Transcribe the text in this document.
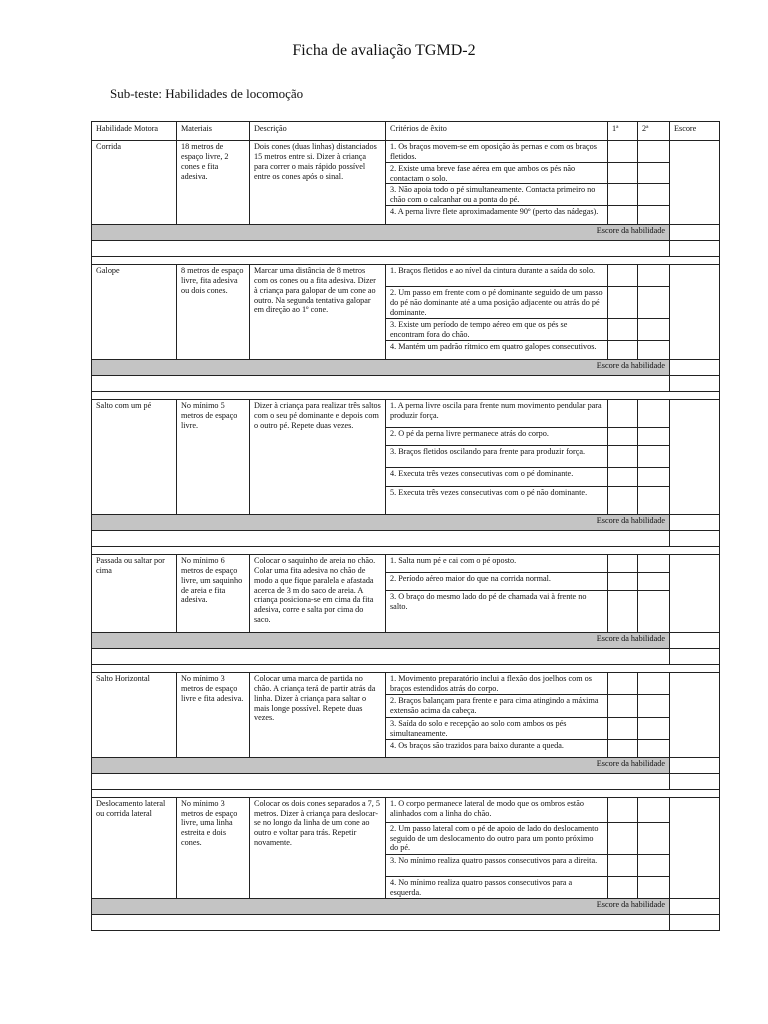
Ficha de avaliação TGMD-2
Sub-teste: Habilidades de locomoção
Habilidade Motora	Materiais	Descrição	Critérios de êxito	1ª	2ª	Escore
Corrida	18 metros de espaço livre, 2 cones e fita adesiva.	Dois cones (duas linhas) distanciados 15 metros entre si. Dizer à criança para correr o mais rápido possível entre os cones após o sinal.	1. Os braços movem-se em oposição às pernas e com os braços fletidos.			
			2. Existe uma breve fase aérea em que ambos os pés não contactam o solo.			
			3. Não apoia todo o pé simultaneamente. Contacta primeiro no chão com o calcanhar ou a ponta do pé.			
			4. A perna livre flete aproximadamente 90º (perto das nádegas).			
Escore da habilidade						

Galope	8 metros de espaço livre, fita adesiva ou dois cones.	Marcar uma distância de 8 metros com os cones ou a fita adesiva. Dizer à criança para galopar de um cone ao outro. Na segunda tentativa galopar em direção ao 1º cone.	1. Braços fletidos e ao nível da cintura durante a saída do solo.			
			2. Um passo em frente com o pé dominante seguido de um passo do pé não dominante até a uma posição adjacente ou atrás do pé dominante.			
			3. Existe um período de tempo aéreo em que os pés se encontram fora do chão.			
			4. Mantém um padrão rítmico em quatro galopes consecutivos.			
Escore da habilidade						

Salto com um pé	No mínimo 5 metros de espaço livre.	Dizer à criança para realizar três saltos com o seu pé dominante e depois com o outro pé. Repete duas vezes.	1. A perna livre oscila para frente num movimento pendular para produzir força.			
			2. O pé da perna livre permanece atrás do corpo.			
			3. Braços fletidos oscilando para frente para produzir força.			
			4. Executa três vezes consecutivas com o pé dominante.			
			5. Executa três vezes consecutivas com o pé não dominante.			
Escore da habilidade						

Passada ou saltar por cima	No mínimo 6 metros de espaço livre, um saquinho de areia e fita adesiva.	Colocar o saquinho de areia no chão. Colar uma fita adesiva no chão de modo a que fique paralela e afastada acerca de 3 m do saco de areia. A criança posiciona-se em cima da fita adesiva, corre e salta por cima do saco.	1. Salta num pé e cai com o pé oposto.			
			2. Período aéreo maior do que na corrida normal.			
			3. O braço do mesmo lado do pé de chamada vai à frente no salto.			
Escore da habilidade						

Salto Horizontal	No mínimo 3 metros de espaço livre e fita adesiva.	Colocar uma marca de partida no chão. A criança terá de partir atrás da linha. Dizer à criança para saltar o mais longe possível. Repete duas vezes.	1. Movimento preparatório inclui a flexão dos joelhos com os braços estendidos atrás do corpo.			
			2. Braços balançam para frente e para cima atingindo a máxima extensão acima da cabeça.			
			3. Saída do solo e recepção ao solo com ambos os pés simultaneamente.			
			4. Os braços são trazidos para baixo durante a queda.			
Escore da habilidade						

Deslocamento lateral ou corrida lateral	No mínimo 3 metros de espaço livre, uma linha estreita e dois cones.	Colocar os dois cones separados a 7, 5 metros. Dizer à criança para deslocar-se no longo da linha de um cone ao outro e voltar para trás. Repetir novamente.	1. O corpo permanece lateral de modo que os ombros estão alinhados com a linha do chão.			
			2. Um passo lateral com o pé de apoio de lado do deslocamento seguido de um deslocamento do outro para um ponto próximo do pé.			
			3. No mínimo realiza quatro passos consecutivos para a direita.			
			4. No mínimo realiza quatro passos consecutivos para a esquerda.			
Escore da habilidade						
